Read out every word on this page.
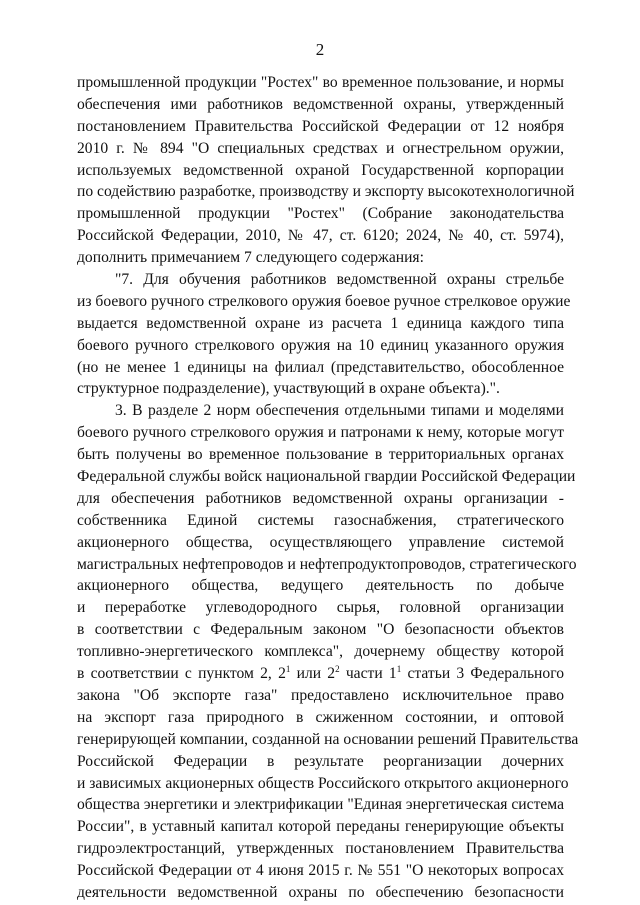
2
промышленной продукции "Ростех" во временное пользование, и нормы
обеспечения ими работников ведомственной охраны, утвержденный
постановлением Правительства Российской Федерации от 12 ноября
2010 г. № 894 "О специальных средствах и огнестрельном оружии,
используемых ведомственной охраной Государственной корпорации
по содействию разработке, производству и экспорту высокотехнологичной
промышленной продукции "Ростех" (Собрание законодательства
Российской Федерации, 2010, № 47, ст. 6120; 2024, № 40, ст. 5974),
дополнить примечанием 7 следующего содержания:
"7. Для обучения работников ведомственной охраны стрельбе
из боевого ручного стрелкового оружия боевое ручное стрелковое оружие
выдается ведомственной охране из расчета 1 единица каждого типа
боевого ручного стрелкового оружия на 10 единиц указанного оружия
(но не менее 1 единицы на филиал (представительство, обособленное
структурное подразделение), участвующий в охране объекта).".
3. В разделе 2 норм обеспечения отдельными типами и моделями
боевого ручного стрелкового оружия и патронами к нему, которые могут
быть получены во временное пользование в территориальных органах
Федеральной службы войск национальной гвардии Российской Федерации
для обеспечения работников ведомственной охраны организации -
собственника Единой системы газоснабжения, стратегического
акционерного общества, осуществляющего управление системой
магистральных нефтепроводов и нефтепродуктопроводов, стратегического
акционерного общества, ведущего деятельность по добыче
и переработке углеводородного сырья, головной организации
в соответствии с Федеральным законом "О безопасности объектов
топливно-энергетического комплекса", дочернему обществу которой
в соответствии с пунктом 2, $2^1$ или $2^2$ части $1^1$ статьи 3 Федерального
закона "Об экспорте газа" предоставлено исключительное право
на экспорт газа природного в сжиженном состоянии, и оптовой
генерирующей компании, созданной на основании решений Правительства
Российской Федерации в результате реорганизации дочерних
и зависимых акционерных обществ Российского открытого акционерного
общества энергетики и электрификации "Единая энергетическая система
России", в уставный капитал которой переданы генерирующие объекты
гидроэлектростанций, утвержденных постановлением Правительства
Российской Федерации от 4 июня 2015 г. № 551 "О некоторых вопросах
деятельности ведомственной охраны по обеспечению безопасности
